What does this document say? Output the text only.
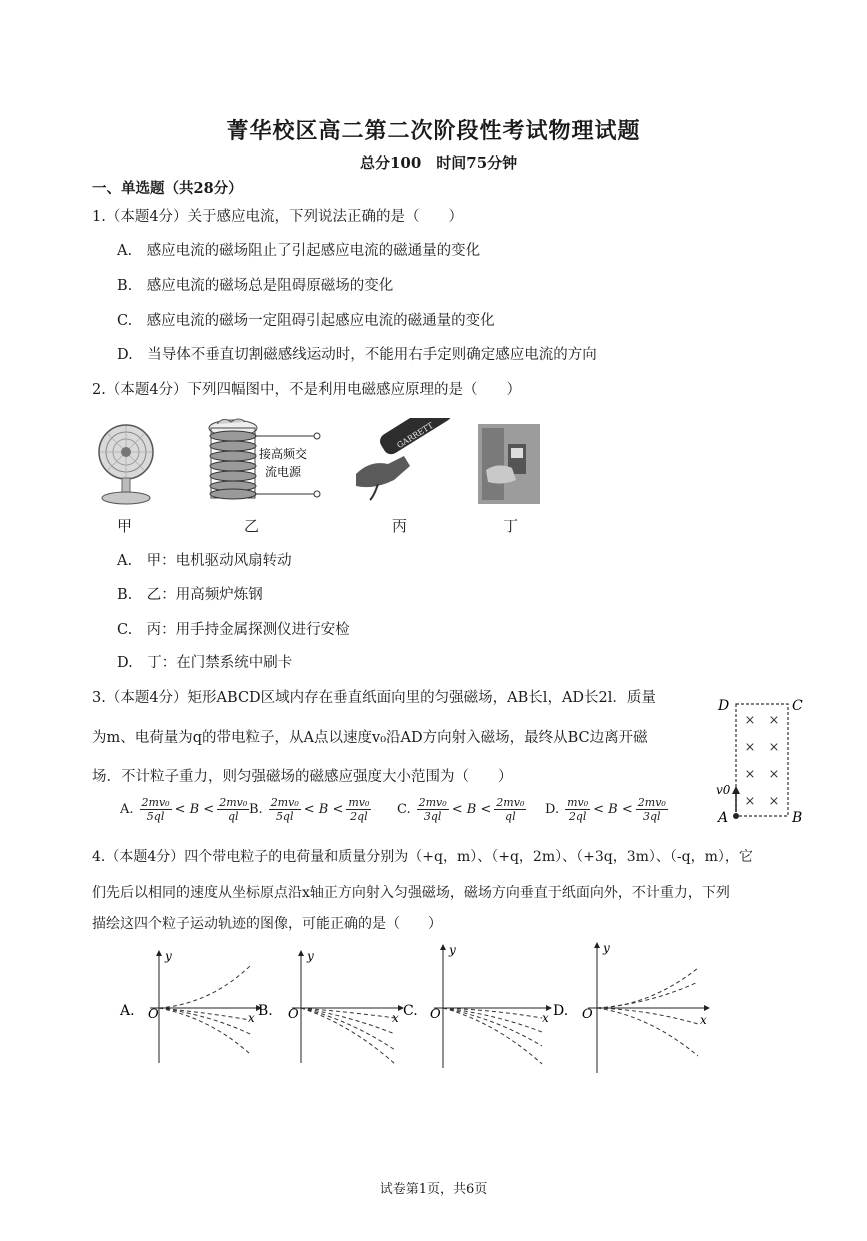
菁华校区高二第二次阶段性考试物理试题
总分100　时间75分钟
一、单选题（共28分）
1.（本题4分）关于感应电流，下列说法正确的是（　　）
A.　感应电流的磁场阻止了引起感应电流的磁通量的变化
B.　感应电流的磁场总是阻碍原磁场的变化
C.　感应电流的磁场一定阻碍引起感应电流的磁通量的变化
D.　当导体不垂直切割磁感线运动时，不能用右手定则确定感应电流的方向
2.（本题4分）下列四幅图中，不是利用电磁感应原理的是（　　）
甲
接高频交
流电源
乙
GARRETT
丙	丁
A.　甲：电机驱动风扇转动
B.　乙：用高频炉炼钢
C.　丙：用手持金属探测仪进行安检
D.　丁：在门禁系统中刷卡
3.（本题4分）矩形ABCD区域内存在垂直纸面向里的匀强磁场，AB长l，AD长2l．质量
为m、电荷量为q的带电粒子，从A点以速度v₀沿AD方向射入磁场，最终从BC边离开磁
场．不计粒子重力，则匀强磁场的磁感应强度大小范围为（　　）
D	C
A	B
× ×
× ×
× ×
× ×
v0
A. $\frac{\text{2mv₀}}{5ql} < B < \frac{\text{2mv₀}}{ql} B$. $\frac{\text{2mv₀}}{5ql} < B < \frac{\text{mv₀}}{2ql} C$. $\frac{\text{2mv₀}}{3ql} < B < \frac{\text{2mv₀}}{ql} D$. $\frac{\text{mv₀}}{2ql} < B < \frac{\text{2mv₀}}{3ql}$
4.（本题4分）四个带电粒子的电荷量和质量分别为（+q，m）、（+q，2m）、（+3q，3m）、（-q，m），它
们先后以相同的速度从坐标原点沿x轴正方向射入匀强磁场，磁场方向垂直于纸面向外，不计重力，下列
描绘这四个粒子运动轨迹的图像，可能正确的是（　　）
A. O
y
x B. O
y
x C. O
y
x D. O
y
x
试卷第1页，共6页
